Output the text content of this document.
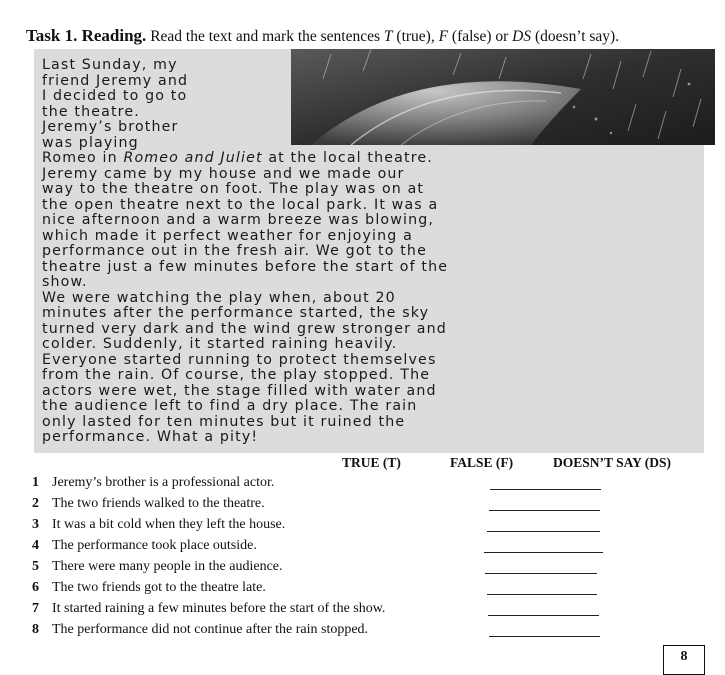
Task 1. Reading. Read the text and mark the sentences T (true), F (false) or DS (doesn’t say).
Last Sunday, my
friend Jeremy and
I decided to go to
the theatre.
Jeremy’s brother
was playing
Romeo in Romeo and Juliet at the local theatre.
Jeremy came by my house and we made our
way to the theatre on foot. The play was on at
the open theatre next to the local park. It was a
nice afternoon and a warm breeze was blowing,
which made it perfect weather for enjoying a
performance out in the fresh air. We got to the
theatre just a few minutes before the start of the
show.
We were watching the play when, about 20
minutes after the performance started, the sky
turned very dark and the wind grew stronger and
colder. Suddenly, it started raining heavily.
Everyone started running to protect themselves
from the rain. Of course, the play stopped. The
actors were wet, the stage filled with water and
the audience left to find a dry place. The rain
only lasted for ten minutes but it ruined the
performance. What a pity!
TRUE (T)	FALSE (F)	DOESN’T SAY (DS)
1 Jeremy’s brother is a professional actor.
2 The two friends walked to the theatre.
3 It was a bit cold when they left the house.
4 The performance took place outside.
5 There were many people in the audience.
6 The two friends got to the theatre late.
7 It started raining a few minutes before the start of the show.
8 The performance did not continue after the rain stopped.
8
